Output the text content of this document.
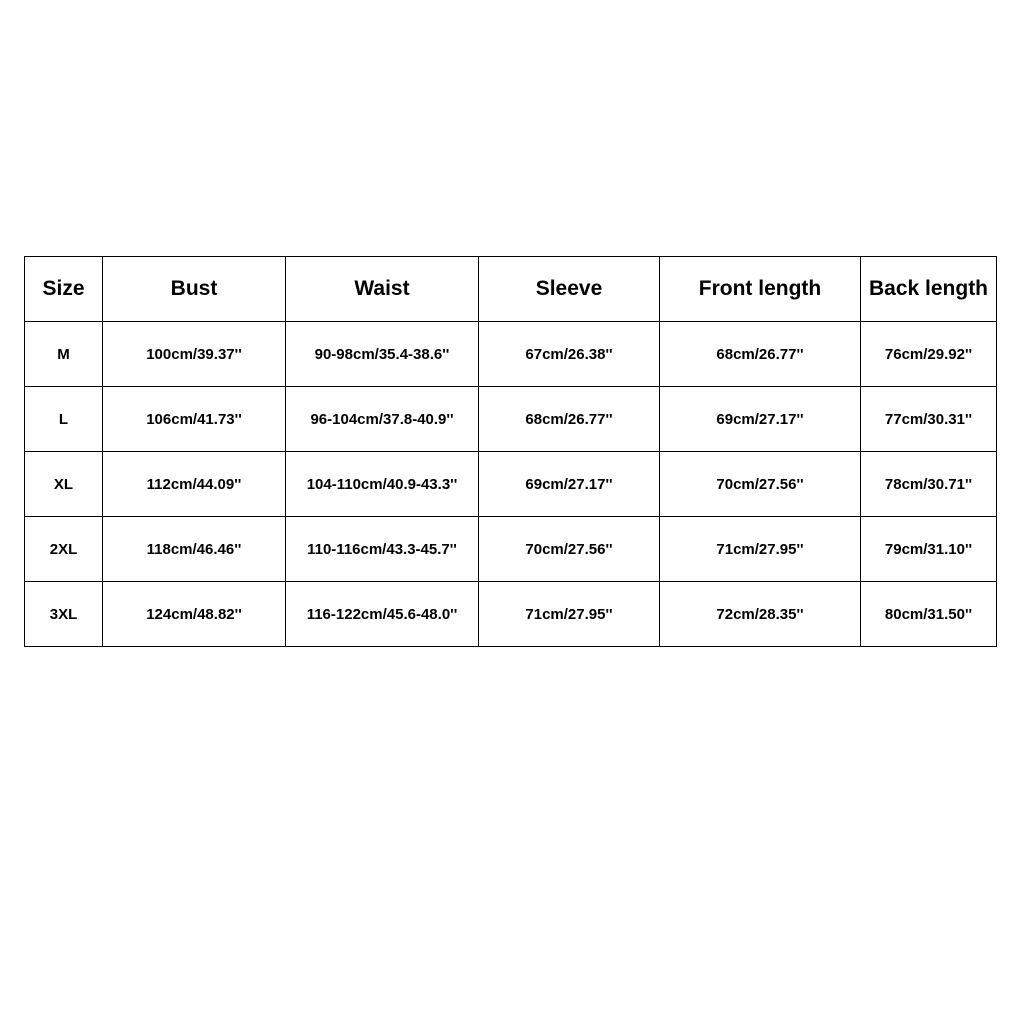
Size	Bust	Waist	Sleeve	Front length	Back length
M	100cm/39.37''	90-98cm/35.4-38.6''	67cm/26.38''	68cm/26.77''	76cm/29.92''
L	106cm/41.73''	96-104cm/37.8-40.9''	68cm/26.77''	69cm/27.17''	77cm/30.31''
XL	112cm/44.09''	104-110cm/40.9-43.3''	69cm/27.17''	70cm/27.56''	78cm/30.71''
2XL	118cm/46.46''	110-116cm/43.3-45.7''	70cm/27.56''	71cm/27.95''	79cm/31.10''
3XL	124cm/48.82''	116-122cm/45.6-48.0''	71cm/27.95''	72cm/28.35''	80cm/31.50''
